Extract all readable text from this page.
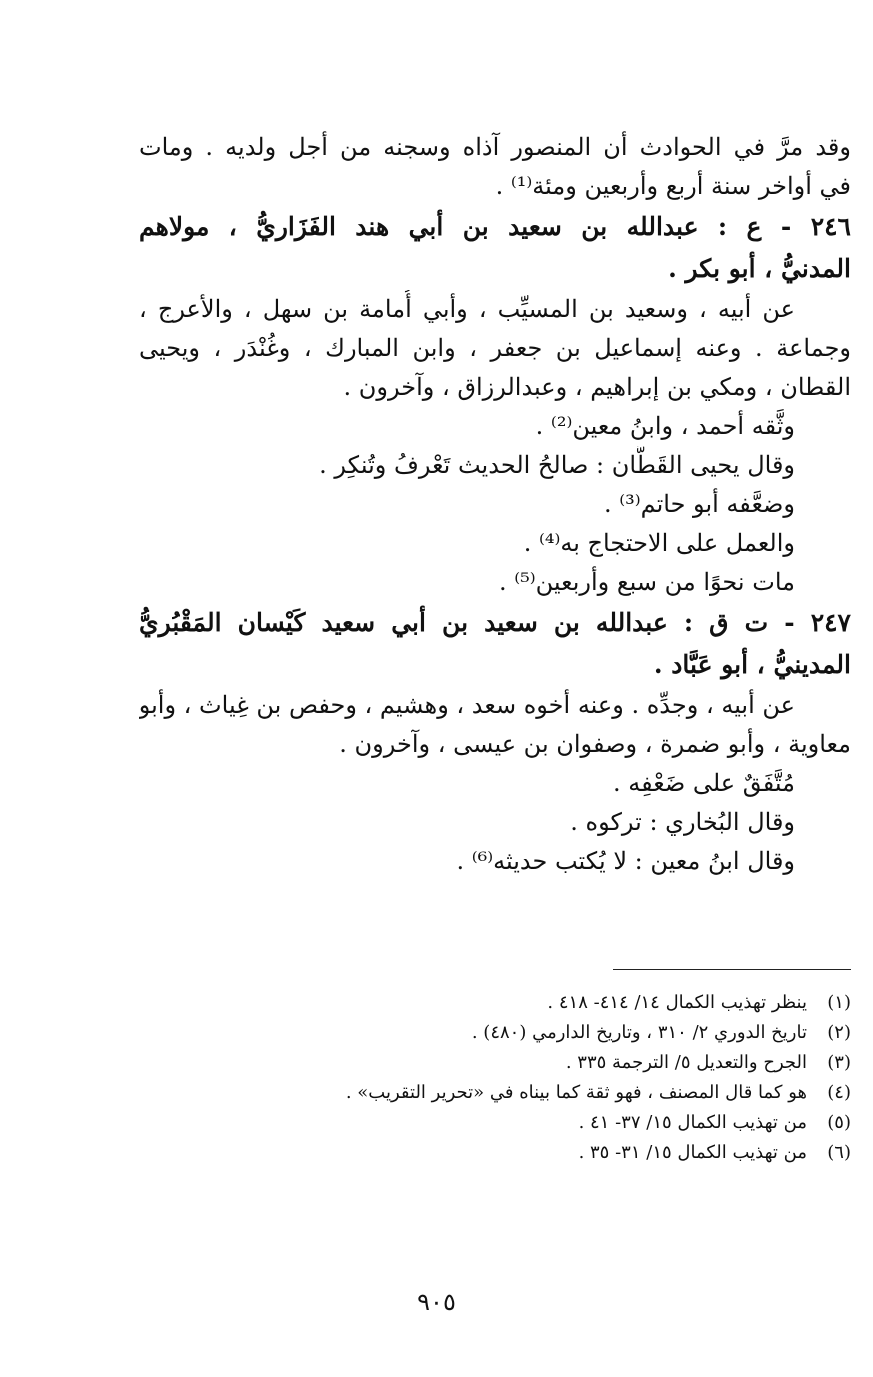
وقد مرَّ في الحوادث أن المنصور آذاه وسجنه من أجل ولديه . ومات
في أواخر سنة أربع وأربعين ومئة⁽¹⁾ .
٢٤٦ - ع : عبدالله بن سعيد بن أبي هند الفَزَاريُّ ، مولاهم
المدنيُّ ، أبو بكر .
عن أبيه ، وسعيد بن المسيِّب ، وأبي أُمامة بن سهل ، والأعرج ،
وجماعة . وعنه إسماعيل بن جعفر ، وابن المبارك ، وغُنْدَر ، ويحيى
القطان ، ومكي بن إبراهيم ، وعبدالرزاق ، وآخرون .
وثَّقه أحمد ، وابنُ معين⁽²⁾ .
وقال يحيى القَطَّان : صالحُ الحديث تَعْرفُ وتُنكِر .
وضعَّفه أبو حاتم⁽³⁾ .
والعمل على الاحتجاج به⁽⁴⁾ .
مات نحوًا من سبع وأربعين⁽⁵⁾ .
٢٤٧ - ت ق : عبدالله بن سعيد بن أبي سعيد كَيْسان المَقْبُريُّ
المدينيُّ ، أبو عَبَّاد .
عن أبيه ، وجدِّه . وعنه أخوه سعد ، وهشيم ، وحفص بن غِياث ، وأبو
معاوية ، وأبو ضمرة ، وصفوان بن عيسى ، وآخرون .
مُتَّفَقٌ على ضَعْفِه .
وقال البُخاري : تركوه .
وقال ابنُ معين : لا يُكتب حديثه⁽⁶⁾ .
(١)ينظر تهذيب الكمال ١٤/ ٤١٤- ٤١٨ .
(٢)تاريخ الدوري ٢/ ٣١٠ ، وتاريخ الدارمي (٤٨٠) .
(٣)الجرح والتعديل ٥/ الترجمة ٣٣٥ .
(٤)هو كما قال المصنف ، فهو ثقة كما بيناه في «تحرير التقريب» .
(٥)من تهذيب الكمال ١٥/ ٣٧- ٤١ .
(٦)من تهذيب الكمال ١٥/ ٣١- ٣٥ .
٩٠٥
